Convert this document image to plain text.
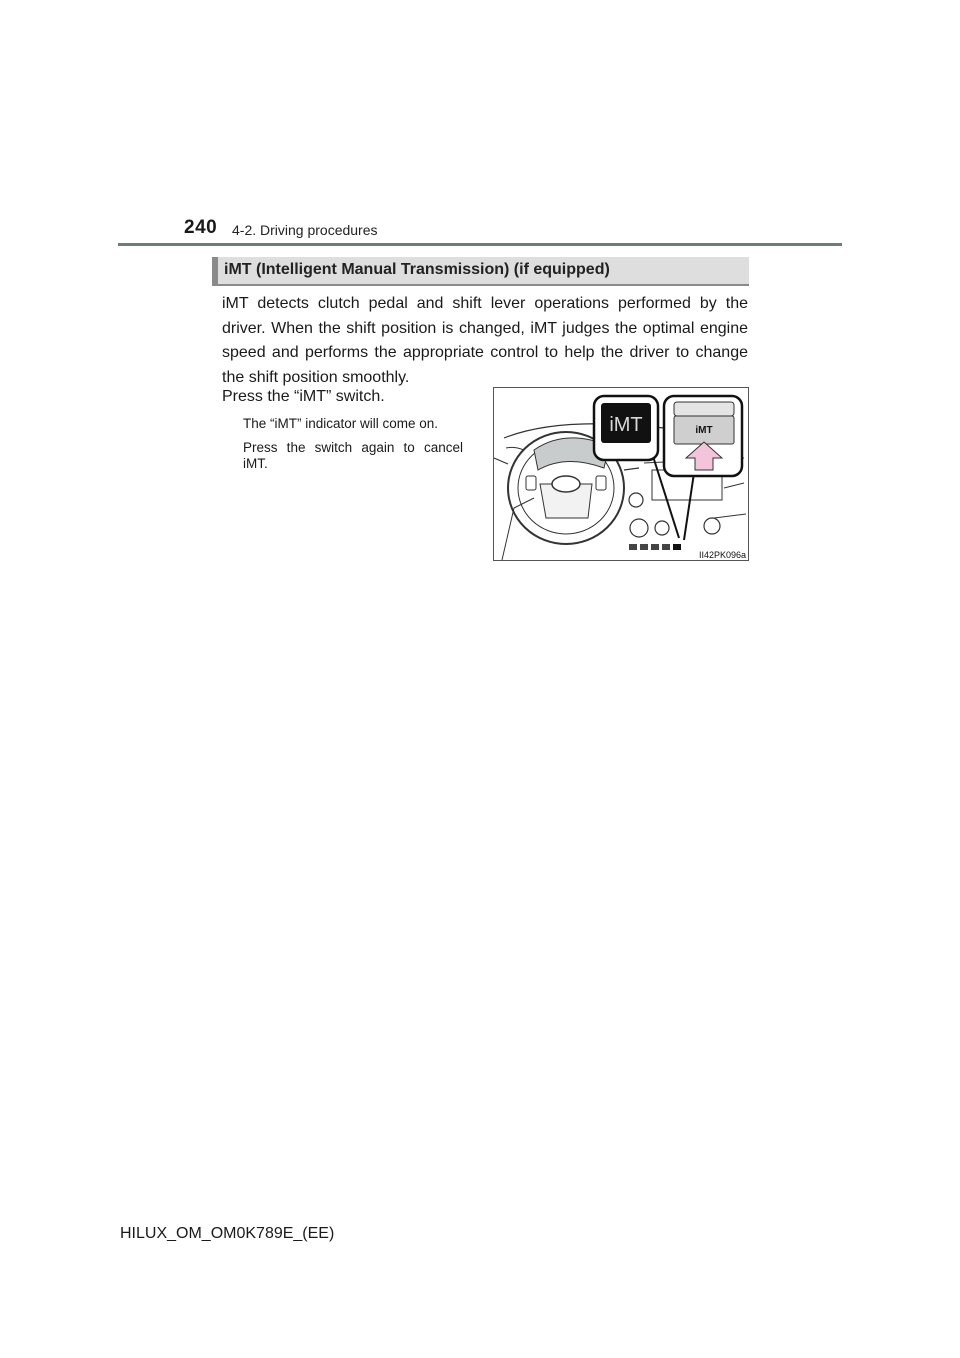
240 4-2. Driving procedures
iMT (Intelligent Manual Transmission) (if equipped)
iMT detects clutch pedal and shift lever operations performed by the driver. When the shift position is changed, iMT judges the optimal engine speed and performs the appropriate control to help the driver to change the shift position smoothly.
Press the “iMT” switch.
The “iMT” indicator will come on.
Press the switch again to cancel iMT.
iMT	iMT
II42PK096a
HILUX_OM_OM0K789E_(EE)
